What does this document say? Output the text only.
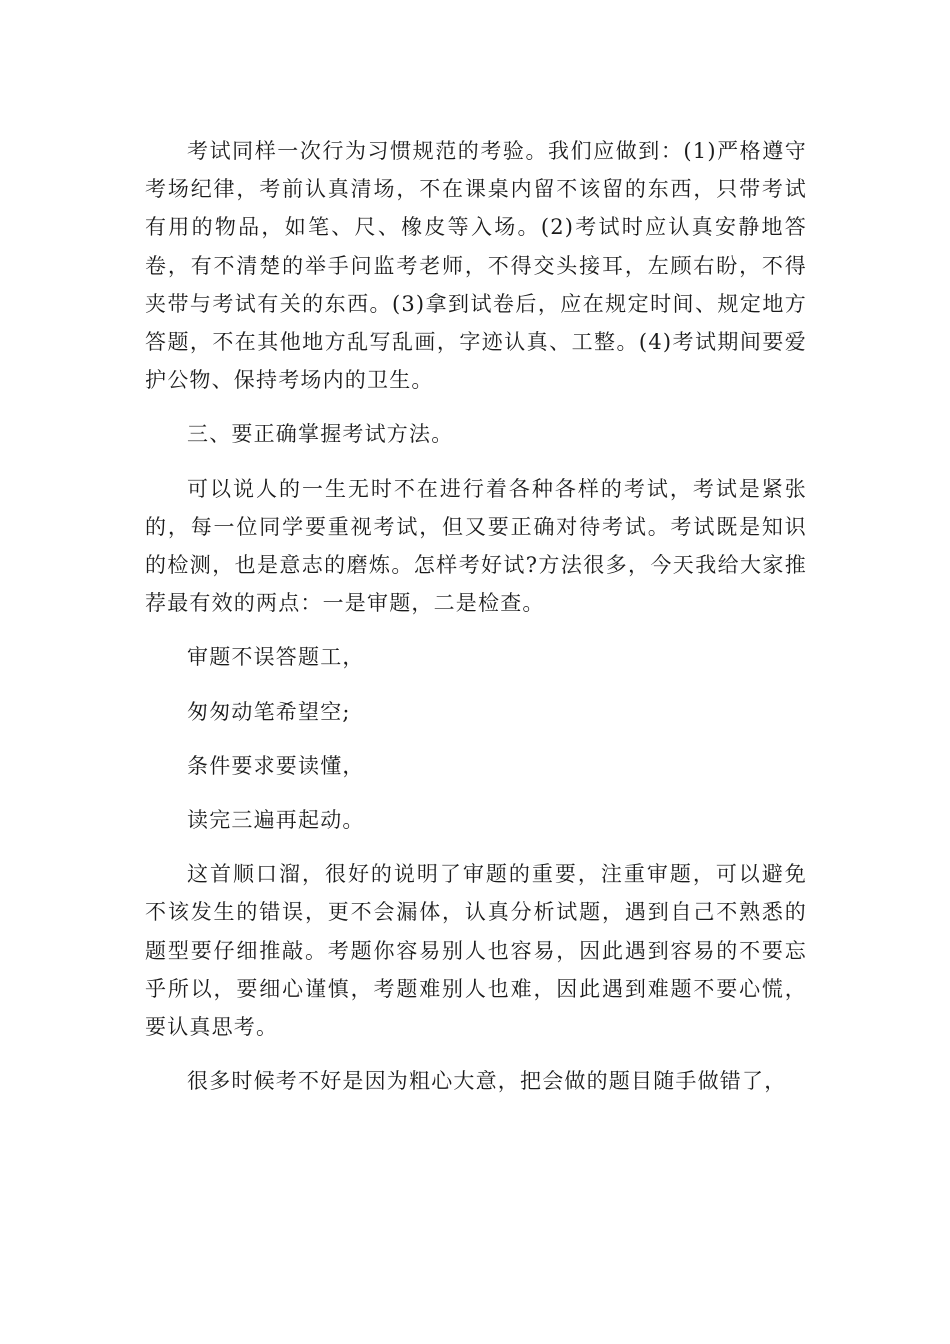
考试同样一次行为习惯规范的考验。我们应做到：(1)严格遵守考场纪律，考前认真清场，不在课桌内留不该留的东西，只带考试有用的物品，如笔、尺、橡皮等入场。(2)考试时应认真安静地答卷，有不清楚的举手问监考老师，不得交头接耳，左顾右盼，不得夹带与考试有关的东西。(3)拿到试卷后，应在规定时间、规定地方答题，不在其他地方乱写乱画，字迹认真、工整。(4)考试期间要爱护公物、保持考场内的卫生。

三、要正确掌握考试方法。

可以说人的一生无时不在进行着各种各样的考试，考试是紧张的，每一位同学要重视考试，但又要正确对待考试。考试既是知识的检测，也是意志的磨炼。怎样考好试?方法很多，今天我给大家推荐最有效的两点：一是审题，二是检查。

审题不误答题工，

匆匆动笔希望空;

条件要求要读懂，

读完三遍再起动。

这首顺口溜，很好的说明了审题的重要，注重审题，可以避免不该发生的错误，更不会漏体，认真分析试题，遇到自己不熟悉的题型要仔细推敲。考题你容易别人也容易，因此遇到容易的不要忘乎所以，要细心谨慎，考题难别人也难，因此遇到难题不要心慌，要认真思考。

很多时候考不好是因为粗心大意，把会做的题目随手做错了，
